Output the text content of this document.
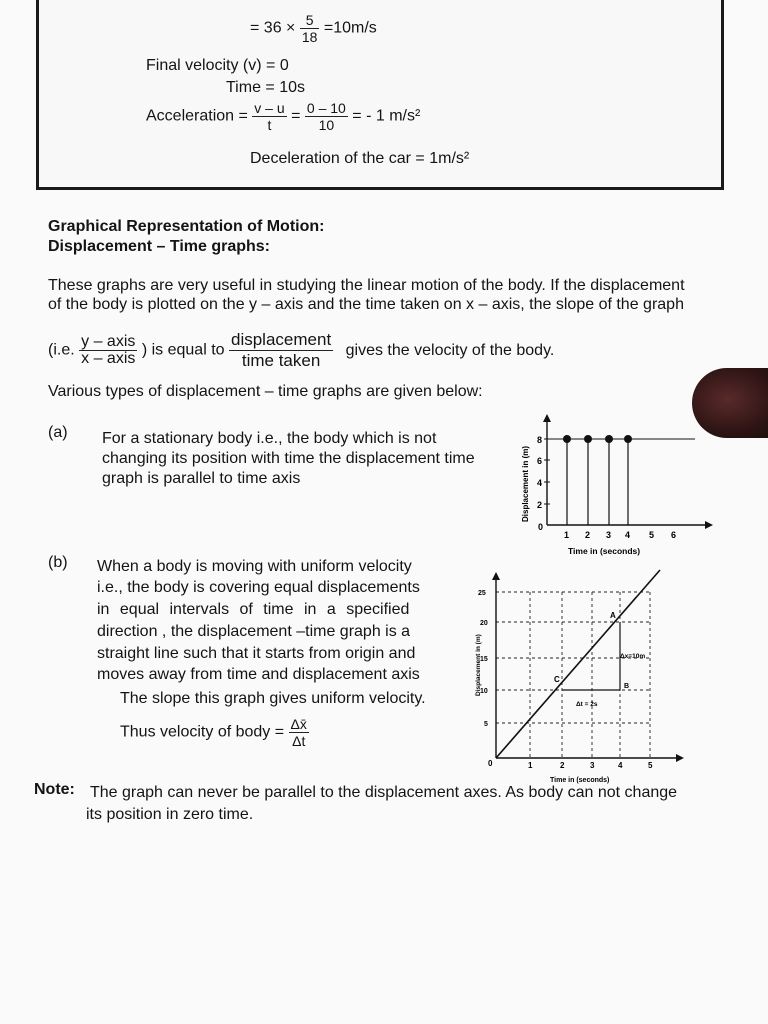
= $36 \times \frac{5}{18} =10m/s$
Final velocity (v) = 0
Time = 10s
Acceleration = $\frac{v - u}{t} = \frac{0 - 10}{10}$ = - 1 m/s²
Deceleration of the car = 1m/s²
Graphical Representation of Motion:
Displacement – Time graphs:
These graphs are very useful in studying the linear motion of the body. If the displacement
of the body is plotted on the y – axis and the time taken on x – axis, the slope of the graph
(i.e. $\frac{\text{y – axis}}{\text{x – axis}}$ ) is equal to $\frac{\text{displacement}}{\text{time taken}}$ gives the velocity of the body.
Various types of displacement – time graphs are given below:
(a) For a stationary body i.e., the body which is not
changing its position with time the displacement time
graph is parallel to time axis
8
6
4
2
0
1 2 3 4 5 6
Displacement in (m)
Time in (seconds)
(b) When a body is moving with uniform velocity
i.e., the body is covering equal displacements
in equal intervals of time in a specified
direction , the displacement –time graph is a
straight line such that it starts from origin and
moves away from time and displacement axis
The slope this graph gives uniform velocity.
Thus velocity of body = $\frac{\Delta x̄}{\Delta t}$
25
20
15
10
5
0	1	2	3	4	5
A
B
C
Δx=10m
Δt = 2s
Displacement in (m)
Time in (seconds)
Note: The graph can never be parallel to the displacement axes. As body can not change
its position in zero time.
